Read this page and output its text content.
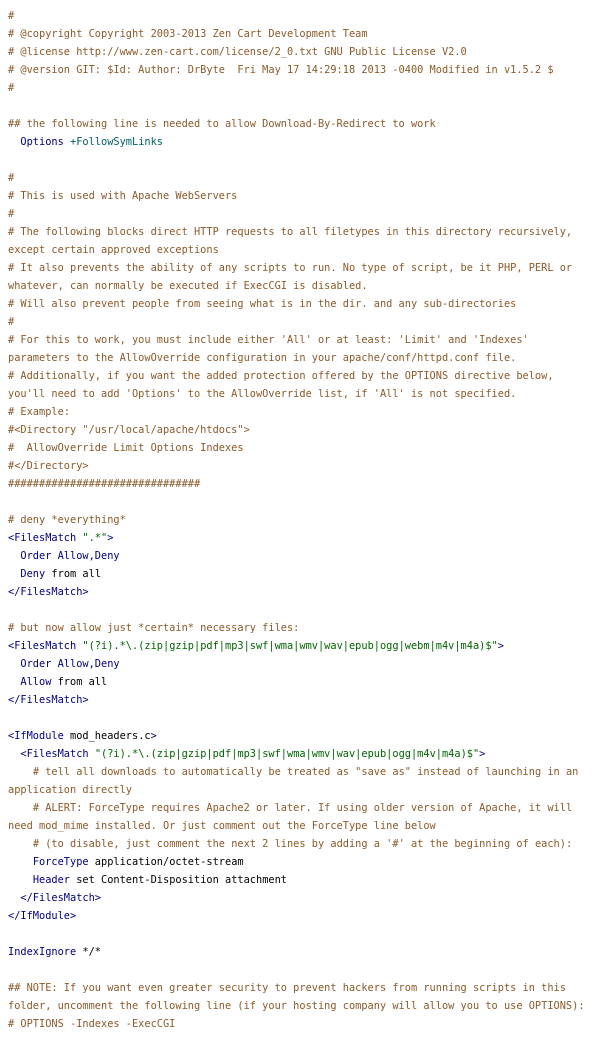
#
# @copyright Copyright 2003-2013 Zen Cart Development Team
# @license http://www.zen-cart.com/license/2_0.txt GNU Public License V2.0
# @version GIT: $Id: Author: DrByte  Fri May 17 14:29:18 2013 -0400 Modified in v1.5.2 $
#
## the following line is needed to allow Download-By-Redirect to work
Options +FollowSymLinks
#
# This is used with Apache WebServers
#
# The following blocks direct HTTP requests to all filetypes in this directory recursively, except certain approved exceptions
# It also prevents the ability of any scripts to run. No type of script, be it PHP, PERL or whatever, can normally be executed if ExecCGI is disabled.
# Will also prevent people from seeing what is in the dir. and any sub-directories
#
# For this to work, you must include either 'All' or at least: 'Limit' and 'Indexes' parameters to the AllowOverride configuration in your apache/conf/httpd.conf file.
# Additionally, if you want the added protection offered by the OPTIONS directive below, you'll need to add 'Options' to the AllowOverride list, if 'All' is not specified.
# Example:
#<Directory "/usr/local/apache/htdocs">
#  AllowOverride Limit Options Indexes
#</Directory>
###############################
# deny *everything*
<FilesMatch ".*">
Order Allow,Deny
Deny from all
</FilesMatch>
# but now allow just *certain* necessary files:
<FilesMatch "(?i).*\.(zip|gzip|pdf|mp3|swf|wma|wmv|wav|epub|ogg|webm|m4v|m4a)$">
Order Allow,Deny
Allow from all
</FilesMatch>
<IfModule mod_headers.c>
<FilesMatch "(?i).*\.(zip|gzip|pdf|mp3|swf|wma|wmv|wav|epub|ogg|m4v|m4a)$">
# tell all downloads to automatically be treated as "save as" instead of launching in an application directly
# ALERT: ForceType requires Apache2 or later. If using older version of Apache, it will need mod_mime installed. Or just comment out the ForceType line below
# (to disable, just comment the next 2 lines by adding a '#' at the beginning of each):
ForceType application/octet-stream
Header set Content-Disposition attachment
</FilesMatch>
</IfModule>
IndexIgnore */*
## NOTE: If you want even greater security to prevent hackers from running scripts in this folder, uncomment the following line (if your hosting company will allow you to use OPTIONS):
# OPTIONS -Indexes -ExecCGI
